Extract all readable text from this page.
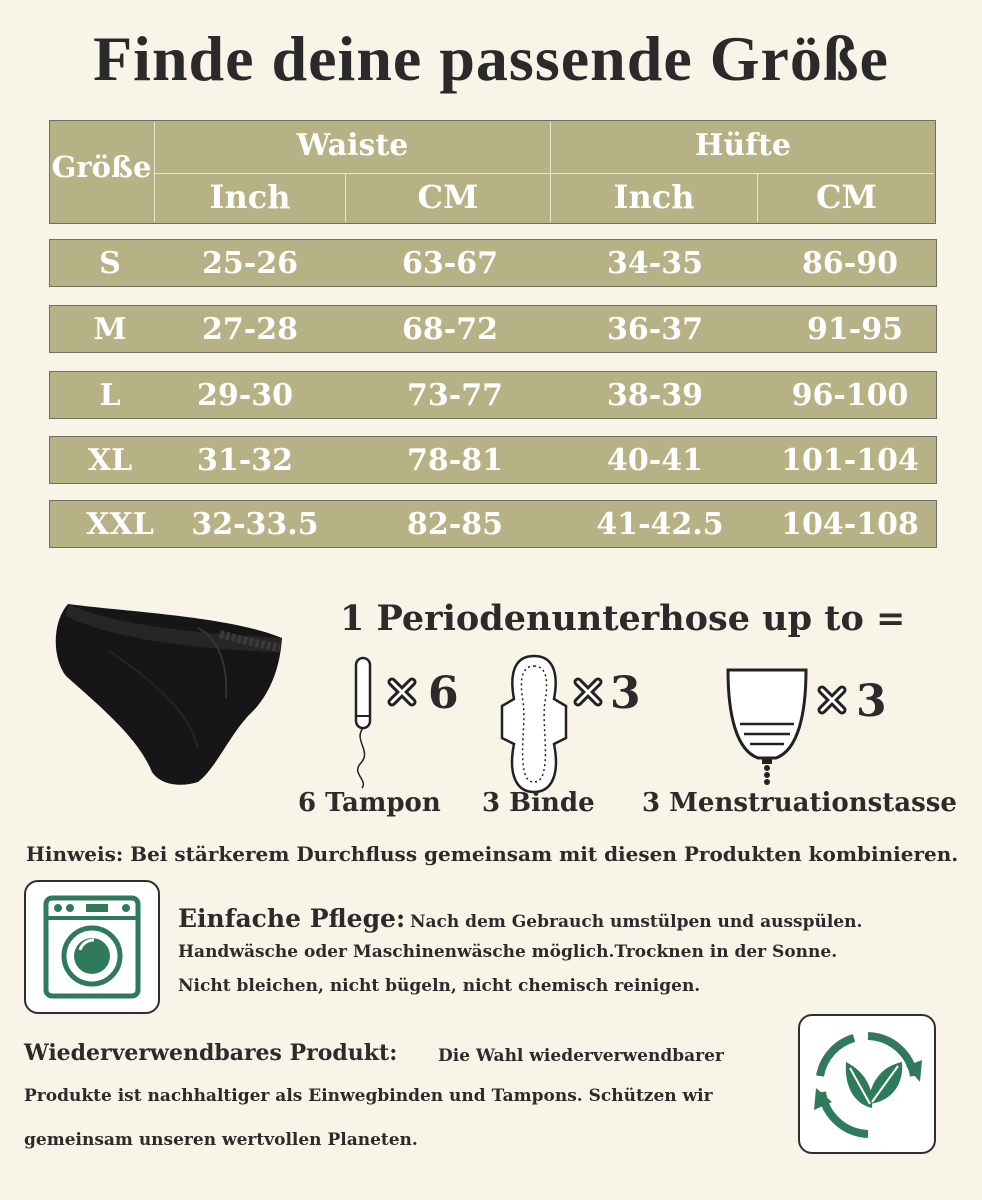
Finde deine passende Größe
Größe
Waiste	Hüfte
Inch	CM	Inch	CM
S	25-26	63-67	34-35	86-90
M	27-28	68-72	36-37	91-95
L	29-30	73-77	38-39	96-100
XL	31-32	78-81	40-41	101-104
XXL	32-33.5	82-85	41-42.5	104-108
1 Periodenunterhose up to =
6	3	3
6 Tampon 3 Binde 3 Menstruationstasse
Hinweis: Bei stärkerem Durchfluss gemeinsam mit diesen Produkten kombinieren.
Einfache Pflege: Nach dem Gebrauch umstülpen und ausspülen.
Handwäsche oder Maschinenwäsche möglich.Trocknen in der Sonne.
Nicht bleichen, nicht bügeln, nicht chemisch reinigen.
Wiederverwendbares Produkt: Die Wahl wiederverwendbarer
Produkte ist nachhaltiger als Einwegbinden und Tampons. Schützen wir
gemeinsam unseren wertvollen Planeten.
